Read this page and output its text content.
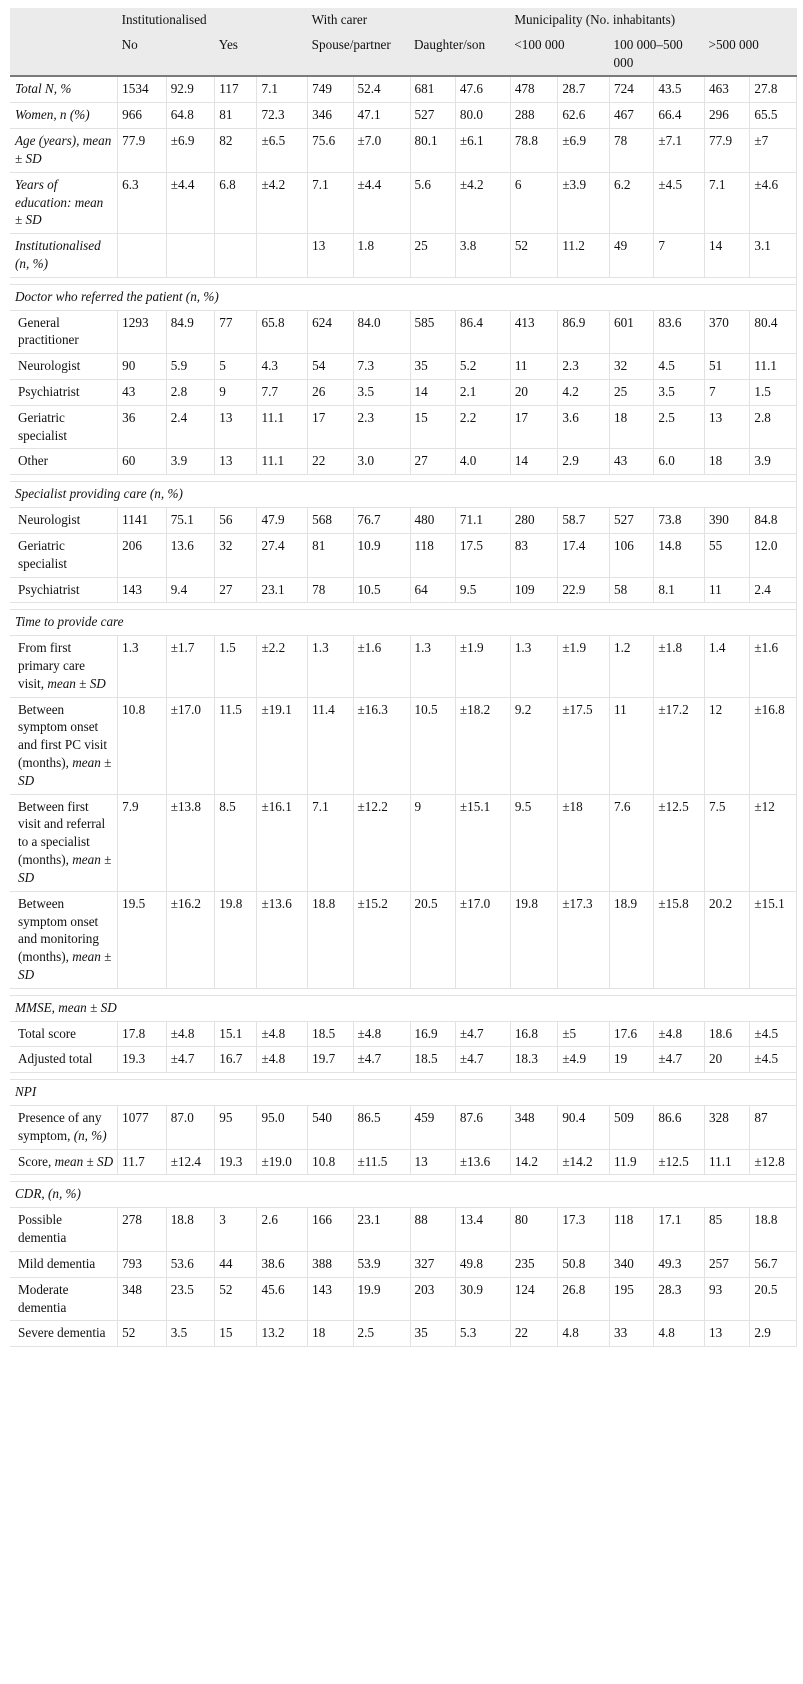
	Institutionalised				With carer				Municipality (No. inhabitants)					
	No		Yes		Spouse/partner		Daughter/son		<100 000		100 000–500 000		>500 000	
Total N, %	1534	92.9	117	7.1	749	52.4	681	47.6	478	28.7	724	43.5	463	27.8
Women, n (%)	966	64.8	81	72.3	346	47.1	527	80.0	288	62.6	467	66.4	296	65.5
Age (years), mean ± SD	77.9	±6.9	82	±6.5	75.6	±7.0	80.1	±6.1	78.8	±6.9	78	±7.1	77.9	±7
Years of education: mean ± SD	6.3	±4.4	6.8	±4.2	7.1	±4.4	5.6	±4.2	6	±3.9	6.2	±4.5	7.1	±4.6
Institutionalised (n, %)					13	1.8	25	3.8	52	11.2	49	7	14	3.1

Doctor who referred the patient (n, %)														
General practitioner	1293	84.9	77	65.8	624	84.0	585	86.4	413	86.9	601	83.6	370	80.4
Neurologist	90	5.9	5	4.3	54	7.3	35	5.2	11	2.3	32	4.5	51	11.1
Psychiatrist	43	2.8	9	7.7	26	3.5	14	2.1	20	4.2	25	3.5	7	1.5
Geriatric specialist	36	2.4	13	11.1	17	2.3	15	2.2	17	3.6	18	2.5	13	2.8
Other	60	3.9	13	11.1	22	3.0	27	4.0	14	2.9	43	6.0	18	3.9

Specialist providing care (n, %)														
Neurologist	1141	75.1	56	47.9	568	76.7	480	71.1	280	58.7	527	73.8	390	84.8
Geriatric specialist	206	13.6	32	27.4	81	10.9	118	17.5	83	17.4	106	14.8	55	12.0
Psychiatrist	143	9.4	27	23.1	78	10.5	64	9.5	109	22.9	58	8.1	11	2.4

Time to provide care														
From first primary care visit, mean ± SD	1.3	±1.7	1.5	±2.2	1.3	±1.6	1.3	±1.9	1.3	±1.9	1.2	±1.8	1.4	±1.6
Between symptom onset and first PC visit (months), mean ± SD	10.8	±17.0	11.5	±19.1	11.4	±16.3	10.5	±18.2	9.2	±17.5	11	±17.2	12	±16.8
Between first visit and referral to a specialist (months), mean ± SD	7.9	±13.8	8.5	±16.1	7.1	±12.2	9	±15.1	9.5	±18	7.6	±12.5	7.5	±12
Between symptom onset and monitoring (months), mean ± SD	19.5	±16.2	19.8	±13.6	18.8	±15.2	20.5	±17.0	19.8	±17.3	18.9	±15.8	20.2	±15.1

MMSE, mean ± SD														
Total score	17.8	±4.8	15.1	±4.8	18.5	±4.8	16.9	±4.7	16.8	±5	17.6	±4.8	18.6	±4.5
Adjusted total	19.3	±4.7	16.7	±4.8	19.7	±4.7	18.5	±4.7	18.3	±4.9	19	±4.7	20	±4.5

NPI														
Presence of any symptom, (n, %)	1077	87.0	95	95.0	540	86.5	459	87.6	348	90.4	509	86.6	328	87
Score, mean ± SD	11.7	±12.4	19.3	±19.0	10.8	±11.5	13	±13.6	14.2	±14.2	11.9	±12.5	11.1	±12.8

CDR, (n, %)														
Possible dementia	278	18.8	3	2.6	166	23.1	88	13.4	80	17.3	118	17.1	85	18.8
Mild dementia	793	53.6	44	38.6	388	53.9	327	49.8	235	50.8	340	49.3	257	56.7
Moderate dementia	348	23.5	52	45.6	143	19.9	203	30.9	124	26.8	195	28.3	93	20.5
Severe dementia	52	3.5	15	13.2	18	2.5	35	5.3	22	4.8	33	4.8	13	2.9
